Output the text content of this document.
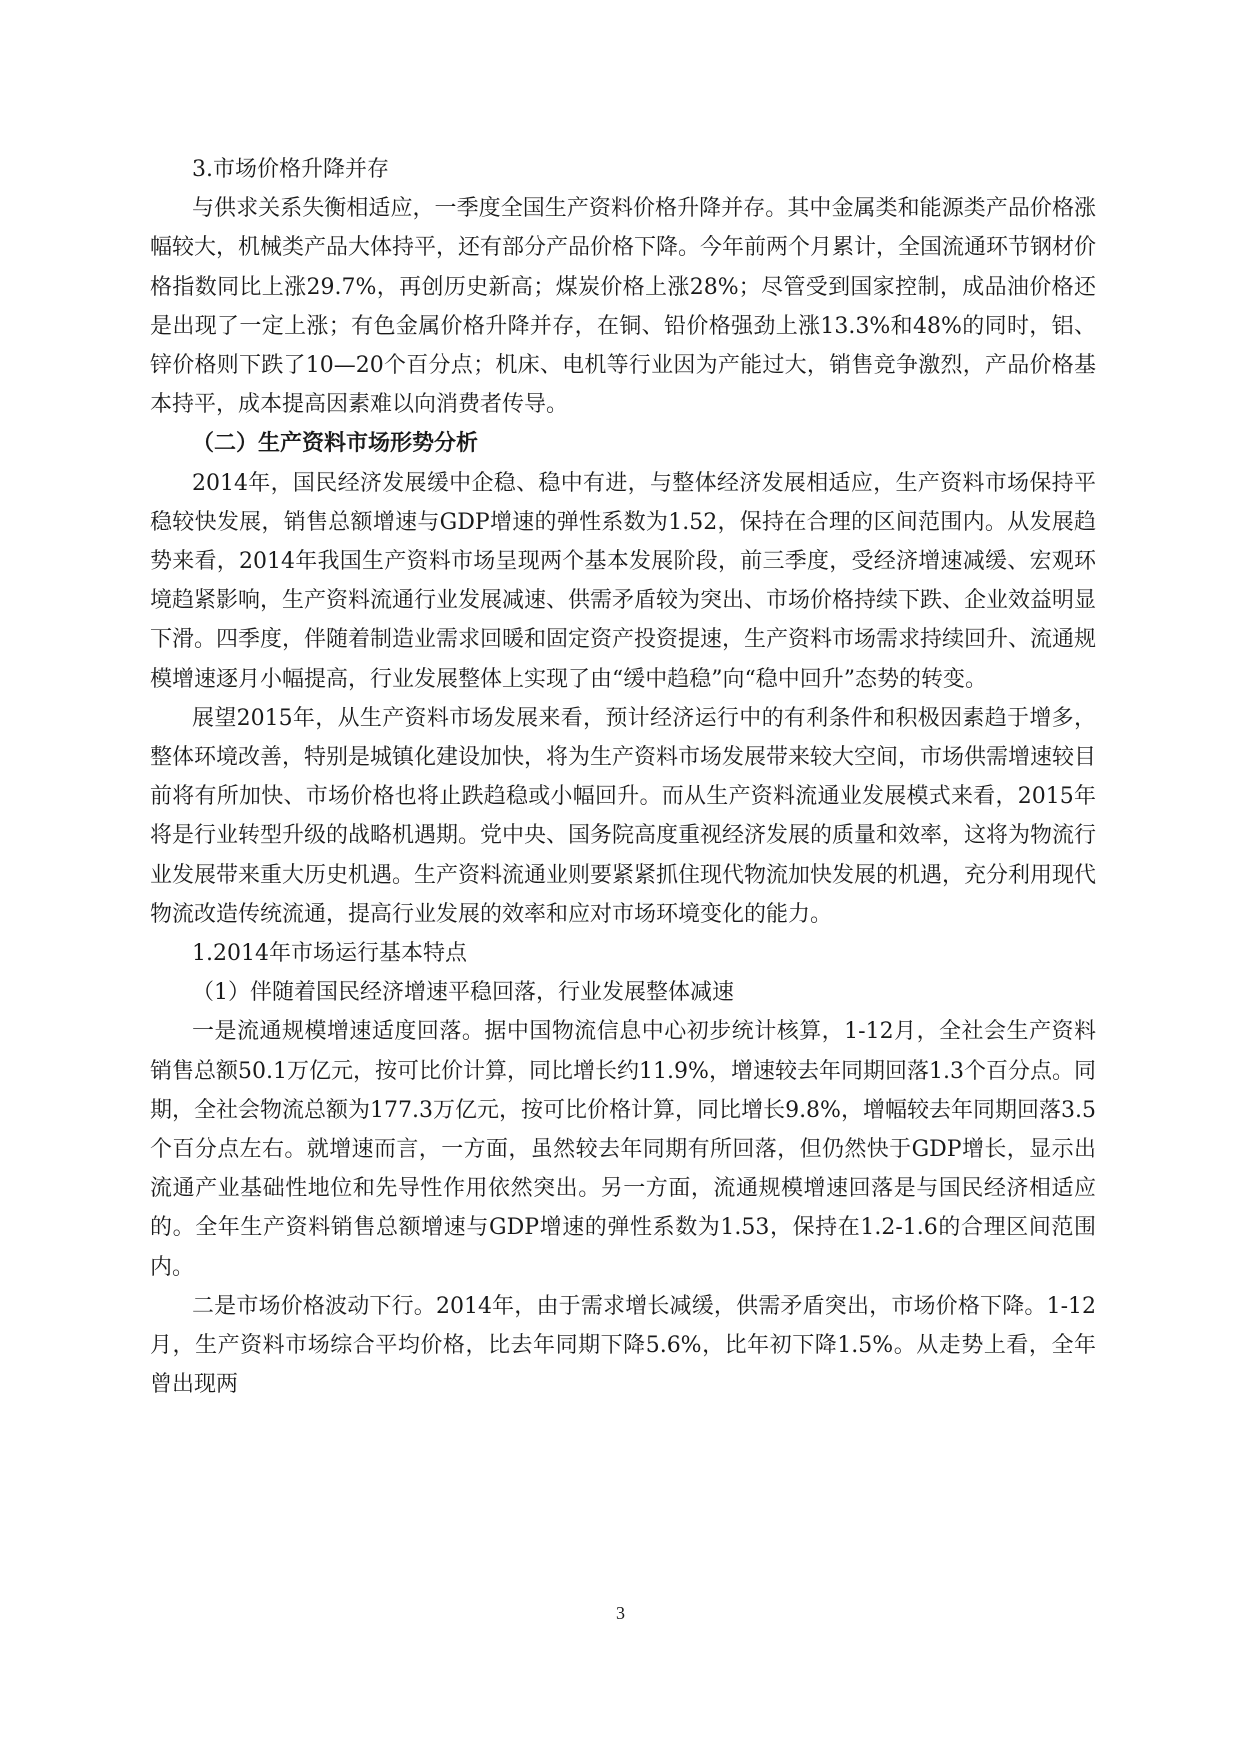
3.市场价格升降并存

与供求关系失衡相适应，一季度全国生产资料价格升降并存。其中金属类和能源类产品价格涨幅较大，机械类产品大体持平，还有部分产品价格下降。今年前两个月累计，全国流通环节钢材价格指数同比上涨29.7%，再创历史新高；煤炭价格上涨28%；尽管受到国家控制，成品油价格还是出现了一定上涨；有色金属价格升降并存，在铜、铅价格强劲上涨13.3%和48%的同时，铝、锌价格则下跌了10—20个百分点；机床、电机等行业因为产能过大，销售竞争激烈，产品价格基本持平，成本提高因素难以向消费者传导。

（二）生产资料市场形势分析

2014年，国民经济发展缓中企稳、稳中有进，与整体经济发展相适应，生产资料市场保持平稳较快发展，销售总额增速与GDP增速的弹性系数为1.52，保持在合理的区间范围内。从发展趋势来看，2014年我国生产资料市场呈现两个基本发展阶段，前三季度，受经济增速减缓、宏观环境趋紧影响，生产资料流通行业发展减速、供需矛盾较为突出、市场价格持续下跌、企业效益明显下滑。四季度，伴随着制造业需求回暖和固定资产投资提速，生产资料市场需求持续回升、流通规模增速逐月小幅提高，行业发展整体上实现了由“缓中趋稳”向“稳中回升”态势的转变。

展望2015年，从生产资料市场发展来看，预计经济运行中的有利条件和积极因素趋于增多，整体环境改善，特别是城镇化建设加快，将为生产资料市场发展带来较大空间，市场供需增速较目前将有所加快、市场价格也将止跌趋稳或小幅回升。而从生产资料流通业发展模式来看，2015年将是行业转型升级的战略机遇期。党中央、国务院高度重视经济发展的质量和效率，这将为物流行业发展带来重大历史机遇。生产资料流通业则要紧紧抓住现代物流加快发展的机遇，充分利用现代物流改造传统流通，提高行业发展的效率和应对市场环境变化的能力。

1.2014年市场运行基本特点

（1）伴随着国民经济增速平稳回落，行业发展整体减速

一是流通规模增速适度回落。据中国物流信息中心初步统计核算，1-12月，全社会生产资料销售总额50.1万亿元，按可比价计算，同比增长约11.9%，增速较去年同期回落1.3个百分点。同期，全社会物流总额为177.3万亿元，按可比价格计算，同比增长9.8%，增幅较去年同期回落3.5个百分点左右。就增速而言，一方面，虽然较去年同期有所回落，但仍然快于GDP增长，显示出流通产业基础性地位和先导性作用依然突出。另一方面，流通规模增速回落是与国民经济相适应的。全年生产资料销售总额增速与GDP增速的弹性系数为1.53，保持在1.2-1.6的合理区间范围内。

二是市场价格波动下行。2014年，由于需求增长减缓，供需矛盾突出，市场价格下降。1-12月，生产资料市场综合平均价格，比去年同期下降5.6%，比年初下降1.5%。从走势上看，全年曾出现两

3
